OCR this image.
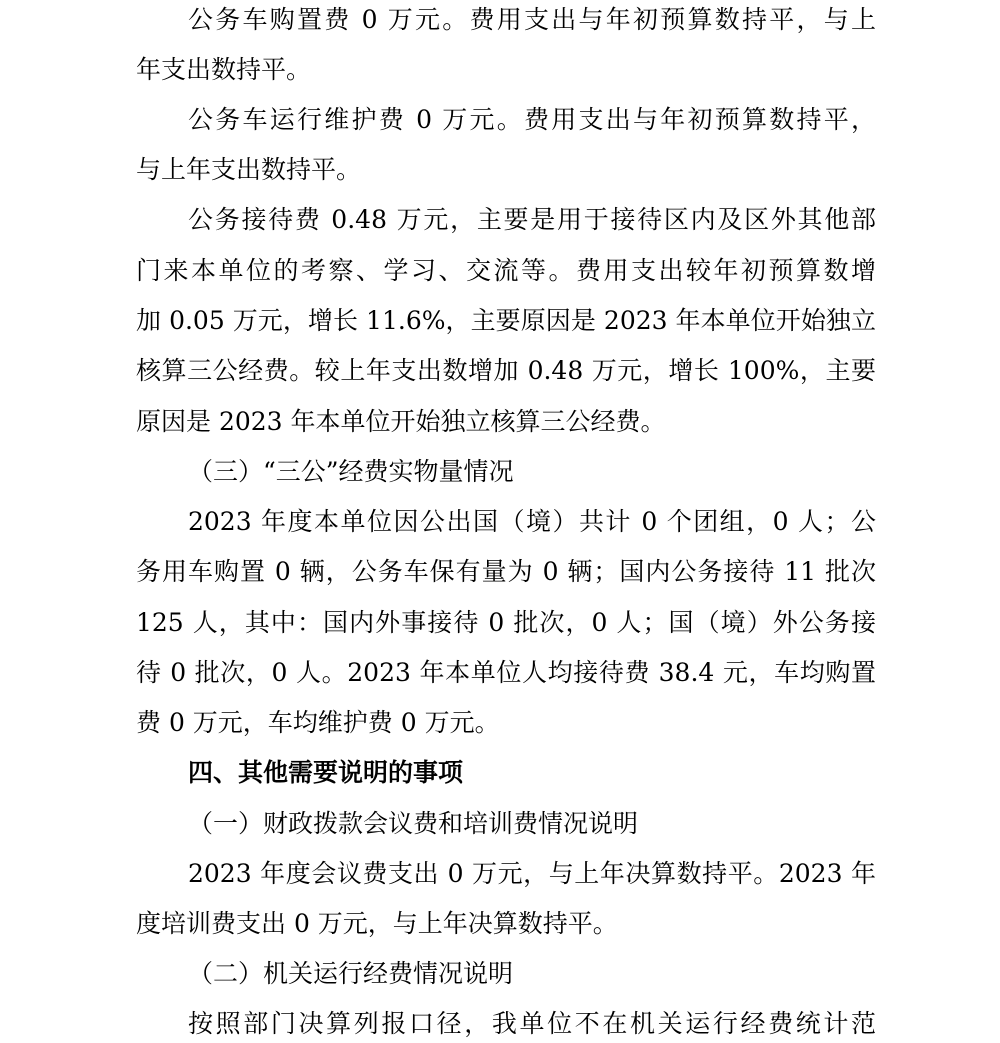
公务车购置费 0 万元。费用支出与年初预算数持平，与上
年支出数持平。
公务车运行维护费 0 万元。费用支出与年初预算数持平，
与上年支出数持平。
公务接待费 0.48 万元，主要是用于接待区内及区外其他部
门来本单位的考察、学习、交流等。费用支出较年初预算数增
加 0.05 万元，增长 11.6%，主要原因是 2023 年本单位开始独立
核算三公经费。较上年支出数增加 0.48 万元，增长 100%，主要
原因是 2023 年本单位开始独立核算三公经费。
（三）“三公”经费实物量情况
2023 年度本单位因公出国（境）共计 0 个团组，0 人；公
务用车购置 0 辆，公务车保有量为 0 辆；国内公务接待 11 批次
125 人，其中：国内外事接待 0 批次，0 人；国（境）外公务接
待 0 批次，0 人。2023 年本单位人均接待费 38.4 元，车均购置
费 0 万元，车均维护费 0 万元。
四、其他需要说明的事项
（一）财政拨款会议费和培训费情况说明
2023 年度会议费支出 0 万元，与上年决算数持平。2023 年
度培训费支出 0 万元，与上年决算数持平。
（二）机关运行经费情况说明
按照部门决算列报口径，我单位不在机关运行经费统计范
